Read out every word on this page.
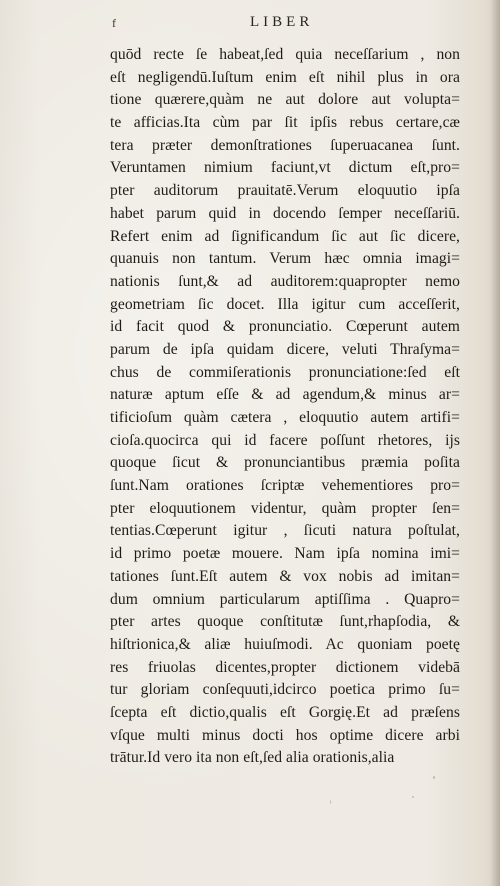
f	LIBER
quōd recte ſe habeat,ſed quia neceſſarium , non
eſt negligendū.Iuſtum enim eſt nihil plus in ora
tione quærere,quàm ne aut dolore aut volupta=
te afficias.Ita cùm par ſit ipſis rebus certare,cæ
tera præter demonſtrationes ſuperuacanea ſunt.
Veruntamen nimium faciunt,vt dictum eſt,pro=
pter auditorum prauitatē.Verum eloquutio ipſa
habet parum quid in docendo ſemper neceſſariū.
Refert enim ad ſignificandum ſic aut ſic dicere,
quanuis non tantum. Verum hæc omnia imagi=
nationis ſunt,& ad auditorem:quapropter nemo
geometriam ſic docet. Illa igitur cum acceſſerit,
id facit quod & pronunciatio. Cœperunt autem
parum de ipſa quidam dicere, veluti Thraſyma=
chus de commiſerationis pronunciatione:ſed eſt
naturæ aptum eſſe & ad agendum,& minus ar=
tificioſum quàm cætera , eloquutio autem artifi=
cioſa.quocirca qui id facere poſſunt rhetores, ijs
quoque ſicut & pronunciantibus præmia poſita
ſunt.Nam orationes ſcriptæ vehementiores pro=
pter eloquutionem videntur, quàm propter ſen=
tentias.Cœperunt igitur , ſicuti natura poſtulat,
id primo poetæ mouere. Nam ipſa nomina imi=
tationes ſunt.Eſt autem & vox nobis ad imitan=
dum omnium particularum aptiſſima . Quapro=
pter artes quoque conſtitutæ ſunt,rhapſodia, &
hiſtrionica,& aliæ huiuſmodi. Ac quoniam poetę
res friuolas dicentes,propter dictionem videbā
tur gloriam conſequuti,idcirco poetica primo ſu=
ſcepta eſt dictio,qualis eſt Gorgię.Et ad præſens
vſque multi minus docti hos optime dicere arbi
trātur.Id vero ita non eſt,ſed alia orationis,alia
